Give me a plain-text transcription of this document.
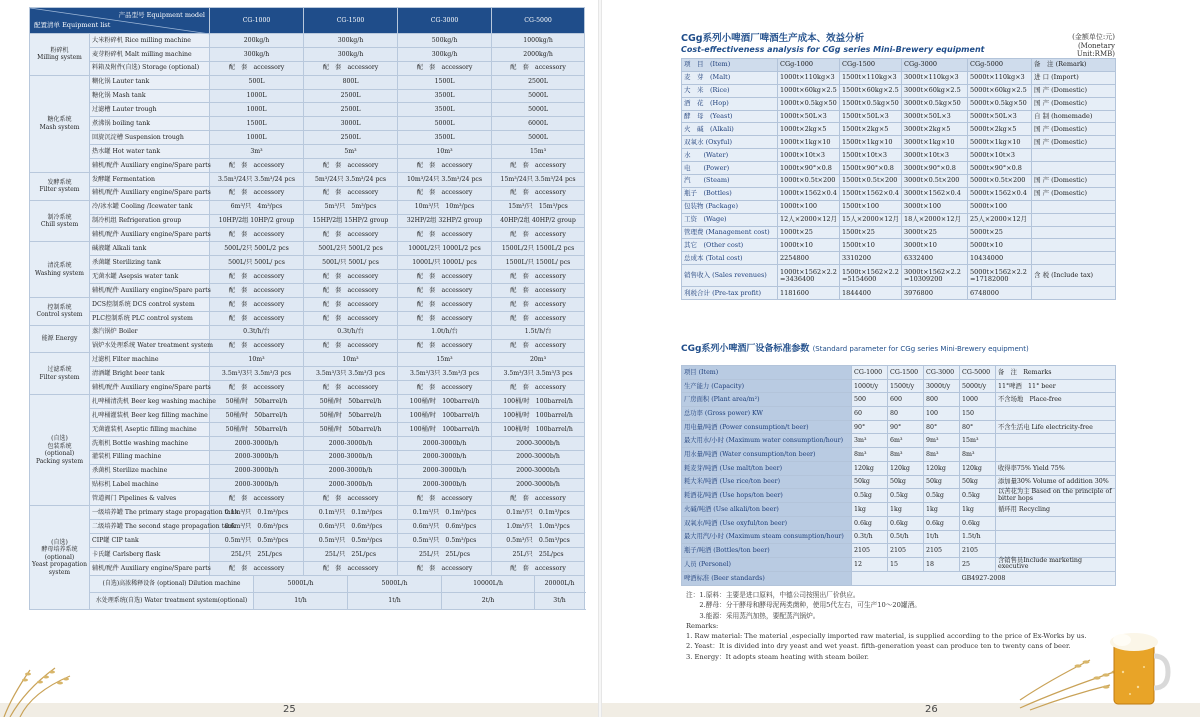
产品型号 Equipment model
配置清单 Equipment list		CG-1000		CG-1500		CG-3000		CG-5000	
粉碎机
Milling system	大米粉碎机 Rice milling machine	200kg/h		300kg/h		500kg/h		1000kg/h	
	麦芽粉碎机 Malt milling machine	300kg/h		300kg/h		300kg/h		2000kg/h	
	料箱及附件(自选) Storage (optional)	配　套　accessory		配　套　accessory		配　套　accessory		配　套　accessory	
糖化系统
Mash system	糊化锅 Lauter tank	500L		800L		1500L		2500L	
	糖化锅 Mash tank	1000L		2500L		3500L		5000L	
	过滤槽 Lauter trough	1000L		2500L		3500L		5000L	
	煮沸锅 boiling tank	1500L		3000L		5000L		6000L	
	回旋沉淀槽 Suspension trough	1000L		2500L		3500L		5000L	
	热水罐 Hot water tank	3m³		5m³		10m³		15m³	
	辅机/配件 Auxiliary engine/Spare parts	配　套　accessory		配　套　accessory		配　套　accessory		配　套　accessory	
发酵系统
Filter system	发酵罐 Fermentation	3.5m³/24只 3.5m³/24 pcs		5m³/24只 3.5m³/24 pcs		10m³/24只 3.5m³/24 pcs		15m³/24只 3.5m³/24 pcs	
	辅机/配件 Auxiliary engine/Spare parts	配　套　accessory		配　套　accessory		配　套　accessory		配　套　accessory	
制冷系统
Chill system	冷/冰水罐 Cooling /Icewater tank	6m³/只　4m³/pcs		5m³/只　5m³/pcs		10m³/只　10m³/pcs		15m³/只　15m³/pcs	
	制冷机组 Refrigeration group	10HP/2组 10HP/2 group		15HP/2组 15HP/2 group		32HP/2组 32HP/2 group		40HP/2组 40HP/2 group	
	辅机/配件 Auxiliary engine/Spare parts	配　套　accessory		配　套　accessory		配　套　accessory		配　套　accessory	
清洗系统
Washing system	碱液罐 Alkali tank	500L/2只 500L/2 pcs		500L/2只 500L/2 pcs		1000L/2只 1000L/2 pcs		1500L/2只 1500L/2 pcs	
	杀菌罐 Sterilizing tank	500L/只 500L/ pcs		500L/只 500L/ pcs		1000L/只 1000L/ pcs		1500L/只 1500L/ pcs	
	无菌水罐 Asepsis water tank	配　套　accessory		配　套　accessory		配　套　accessory		配　套　accessory	
	辅机/配件 Auxiliary engine/Spare parts	配　套　accessory		配　套　accessory		配　套　accessory		配　套　accessory	
控制系统
Control system	DCS控制系统 DCS control system	配　套　accessory		配　套　accessory		配　套　accessory		配　套　accessory	
	PLC控制系统 PLC control system	配　套　accessory		配　套　accessory		配　套　accessory		配　套　accessory	
能源 Energy	蒸汽锅炉 Boiler	0.3t/h/台		0.3t/h/台		1.0t/h/台		1.5t/h/台	
	锅炉水处理系统 Water treatment system	配　套　accessory		配　套　accessory		配　套　accessory		配　套　accessory	
过滤系统
Filter system	过滤机 Filter machine	10m³		10m³		15m³		20m³	
	清酒罐 Bright beer tank	3.5m³/3只 3.5m³/3 pcs		3.5m³/3只 3.5m³/3 pcs		3.5m³/3只 3.5m³/3 pcs		3.5m³/3只 3.5m³/3 pcs	
	辅机/配件 Auxiliary engine/Spare parts	配　套　accessory		配　套　accessory		配　套　accessory		配　套　accessory	
(自选)
包装系统
(optional)
Packing system	扎啤桶清洗机 Beer keg washing machine	50桶/时　50barrel/h		50桶/时　50barrel/h		100桶/时　100barrel/h		100桶/时　100barrel/h	
	扎啤桶灌装机 Beer keg filling machine	50桶/时　50barrel/h		50桶/时　50barrel/h		100桶/时　100barrel/h		100桶/时　100barrel/h	
	无菌灌装机 Aseptic filling machine	50桶/时　50barrel/h		50桶/时　50barrel/h		100桶/时　100barrel/h		100桶/时　100barrel/h	
	洗瓶机 Bottle washing machine	2000-3000b/h		2000-3000b/h		2000-3000b/h		2000-3000b/h	
	灌装机 Filling machine	2000-3000b/h		2000-3000b/h		2000-3000b/h		2000-3000b/h	
	杀菌机 Sterilize machine	2000-3000b/h		2000-3000b/h		2000-3000b/h		2000-3000b/h	
	贴标机 Label machine	2000-3000b/h		2000-3000b/h		2000-3000b/h		2000-3000b/h	
	管道阀门 Pipelines & valves	配　套　accessory		配　套　accessory		配　套　accessory		配　套　accessory	
(自选)
酵母培养系统
(optional)
Yeast propagation system	一级培养罐 The primary stage propagation tank	0.1m³/只　0.1m³/pcs		0.1m³/只　0.1m³/pcs		0.1m³/只　0.1m³/pcs		0.1m³/只　0.1m³/pcs	
	二级培养罐 The second stage propagation tank	0.6m³/只　0.6m³/pcs		0.6m³/只　0.6m³/pcs		0.6m³/只　0.6m³/pcs		1.0m³/只　1.0m³/pcs	
	CIP罐 CIP tank	0.5m³/只　0.5m³/pcs		0.5m³/只　0.5m³/pcs		0.5m³/只　0.5m³/pcs		0.5m³/只　0.5m³/pcs	
	卡氏罐 Carlsberg flask	25L/只　25L/pcs		25L/只　25L/pcs		25L/只　25L/pcs		25L/只　25L/pcs	
	辅机/配件 Auxiliary engine/Spare parts	配　套　accessory		配　套　accessory		配　套　accessory		配　套　accessory	
	(自选)高浓稀释设备 (optional) Dilution machine		5000L/h		5000L/h		10000L/h		20000L/h
	水处理系统(自选) Water treatment system(optional)		1t/h		1t/h		2t/h		3t/h
25	26
CGg系列小啤酒厂啤酒生产成本、效益分析
Cost-effectiveness analysis for CGg series Mini-Brewery equipment
(金额单位:元)
(Monetary Unit:RMB)
项　目　(Item)	CGg-1000	CGg-1500	CGg-3000	CGg-5000	备　注 (Remark)
麦　芽　(Malt)	1000t×110kg×3	1500t×110kg×3	3000t×110kg×3	5000t×110kg×3	进 口 (Import)
大　米　(Rice)	1000t×60kg×2.5	1500t×60kg×2.5	3000t×60kg×2.5	5000t×60kg×2.5	国 产 (Domestic)
酒　花　(Hop)	1000t×0.5kg×50	1500t×0.5kg×50	3000t×0.5kg×50	5000t×0.5kg×50	国 产 (Domestic)
酵　母　(Yeast)	1000t×50L×3	1500t×50L×3	3000t×50L×3	5000t×50L×3	自 制 (homemade)
火　碱　(Alkali)	1000t×2kg×5	1500t×2kg×5	3000t×2kg×5	5000t×2kg×5	国 产 (Domestic)
双氧水 (Oxyful)	1000t×1kg×10	1500t×1kg×10	3000t×1kg×10	5000t×1kg×10	国 产 (Domestic)
水　　(Water)	1000t×10t×3	1500t×10t×3	3000t×10t×3	5000t×10t×3	
电　　(Power)	1000t×90°×0.8	1500t×90°×0.8	3000t×90°×0.8	5000t×90°×0.8	
汽　　(Steam)	1000t×0.5t×200	1500t×0.5t×200	3000t×0.5t×200	5000t×0.5t×200	国 产 (Domestic)
瓶子　(Bottles)	1000t×1562×0.4	1500t×1562×0.4	3000t×1562×0.4	5000t×1562×0.4	国 产 (Domestic)
包装物 (Package)	1000t×100	1500t×100	3000t×100	5000t×100	
工资　(Wage)	12人×2000×12月	15人×2000×12月	18人×2000×12月	25人×2000×12月	
管理费 (Management cost)	1000t×25	1500t×25	3000t×25	5000t×25	
其它　(Other cost)	1000t×10	1500t×10	3000t×10	5000t×10	
总成本 (Total cost)	2254800	3310200	6332400	10434000	
销售收入 (Sales revenues)	1000t×1562×2.2 =3436400	1500t×1562×2.2 =5154600	3000t×1562×2.2 =10309200	5000t×1562×2.2 =17182000	含 税 (Include tax)
利税合计 (Pre-tax profit)	1181600	1844400	3976800	6748000	
CGg系列小啤酒厂设备标准参数 (Standard parameter for CGg series Mini-Brewery equipment)
项目 (Item)	CG-1000	CG-1500	CG-3000	CG-5000	备　注　Remarks
生产能力 (Capacity)	1000t/y	1500t/y	3000t/y	5000t/y	11°啤酒　11° beer
厂房面积 (Plant area/m²)	500	600	800	1000	不含场地　Place-free
总功率 (Gross power) KW	60	80	100	150	
用电量/吨酒 (Power consumption/t beer)	90°	90°	80°	80°	不含生活电 Life electricity-free
最大用水/小时 (Maximum water consumption/hour)	3m³	6m³	9m³	15m³	
用水量/吨酒 (Water consumption/ton beer)	8m³	8m³	8m³	8m³	
耗麦芽/吨酒 (Use malt/ton beer)	120kg	120kg	120kg	120kg	收得率75% Yield 75%
耗大米/吨酒 (Use rice/ton beer)	50kg	50kg	50kg	50kg	添加量30% Volume of addition 30%
耗酒花/吨酒 (Use hops/ton beer)	0.5kg	0.5kg	0.5kg	0.5kg	以苦花为主 Based on the principle of bitter hops
火碱/吨酒 (Use alkali/ton beer)	1kg	1kg	1kg	1kg	循环用 Recycling
双氧水/吨酒 (Use oxyful/ton beer)	0.6kg	0.6kg	0.6kg	0.6kg	
最大用汽/小时 (Maximum steam consumption/hour)	0.3t/h	0.5t/h	1t/h	1.5t/h	
瓶子/吨酒 (Bottles/ton beer)	2105	2105	2105	2105	
人员 (Personel)	12	15	18	25	含销售员Include marketing executive
啤酒标准 (Beer standards)	GB4927-2008				
注：1.原料：主要是进口原料，中德公司按照出厂价供应。
　　2.酵母：分干酵母和酵母泥两类菌种，使用5代左右，可生产10～20罐酒。
　　3.能源：采用蒸汽加热，要配蒸汽锅炉。
Remarks:
1. Raw material: The material ,especially imported raw material, is supplied according to the price of Ex-Works by us.
2. Yeast：It is divided into dry yeast and wet yeast. fifth-generation yeast can produce ten to twenty cans of beer.
3. Energy：It adopts steam heating with steam boiler.
